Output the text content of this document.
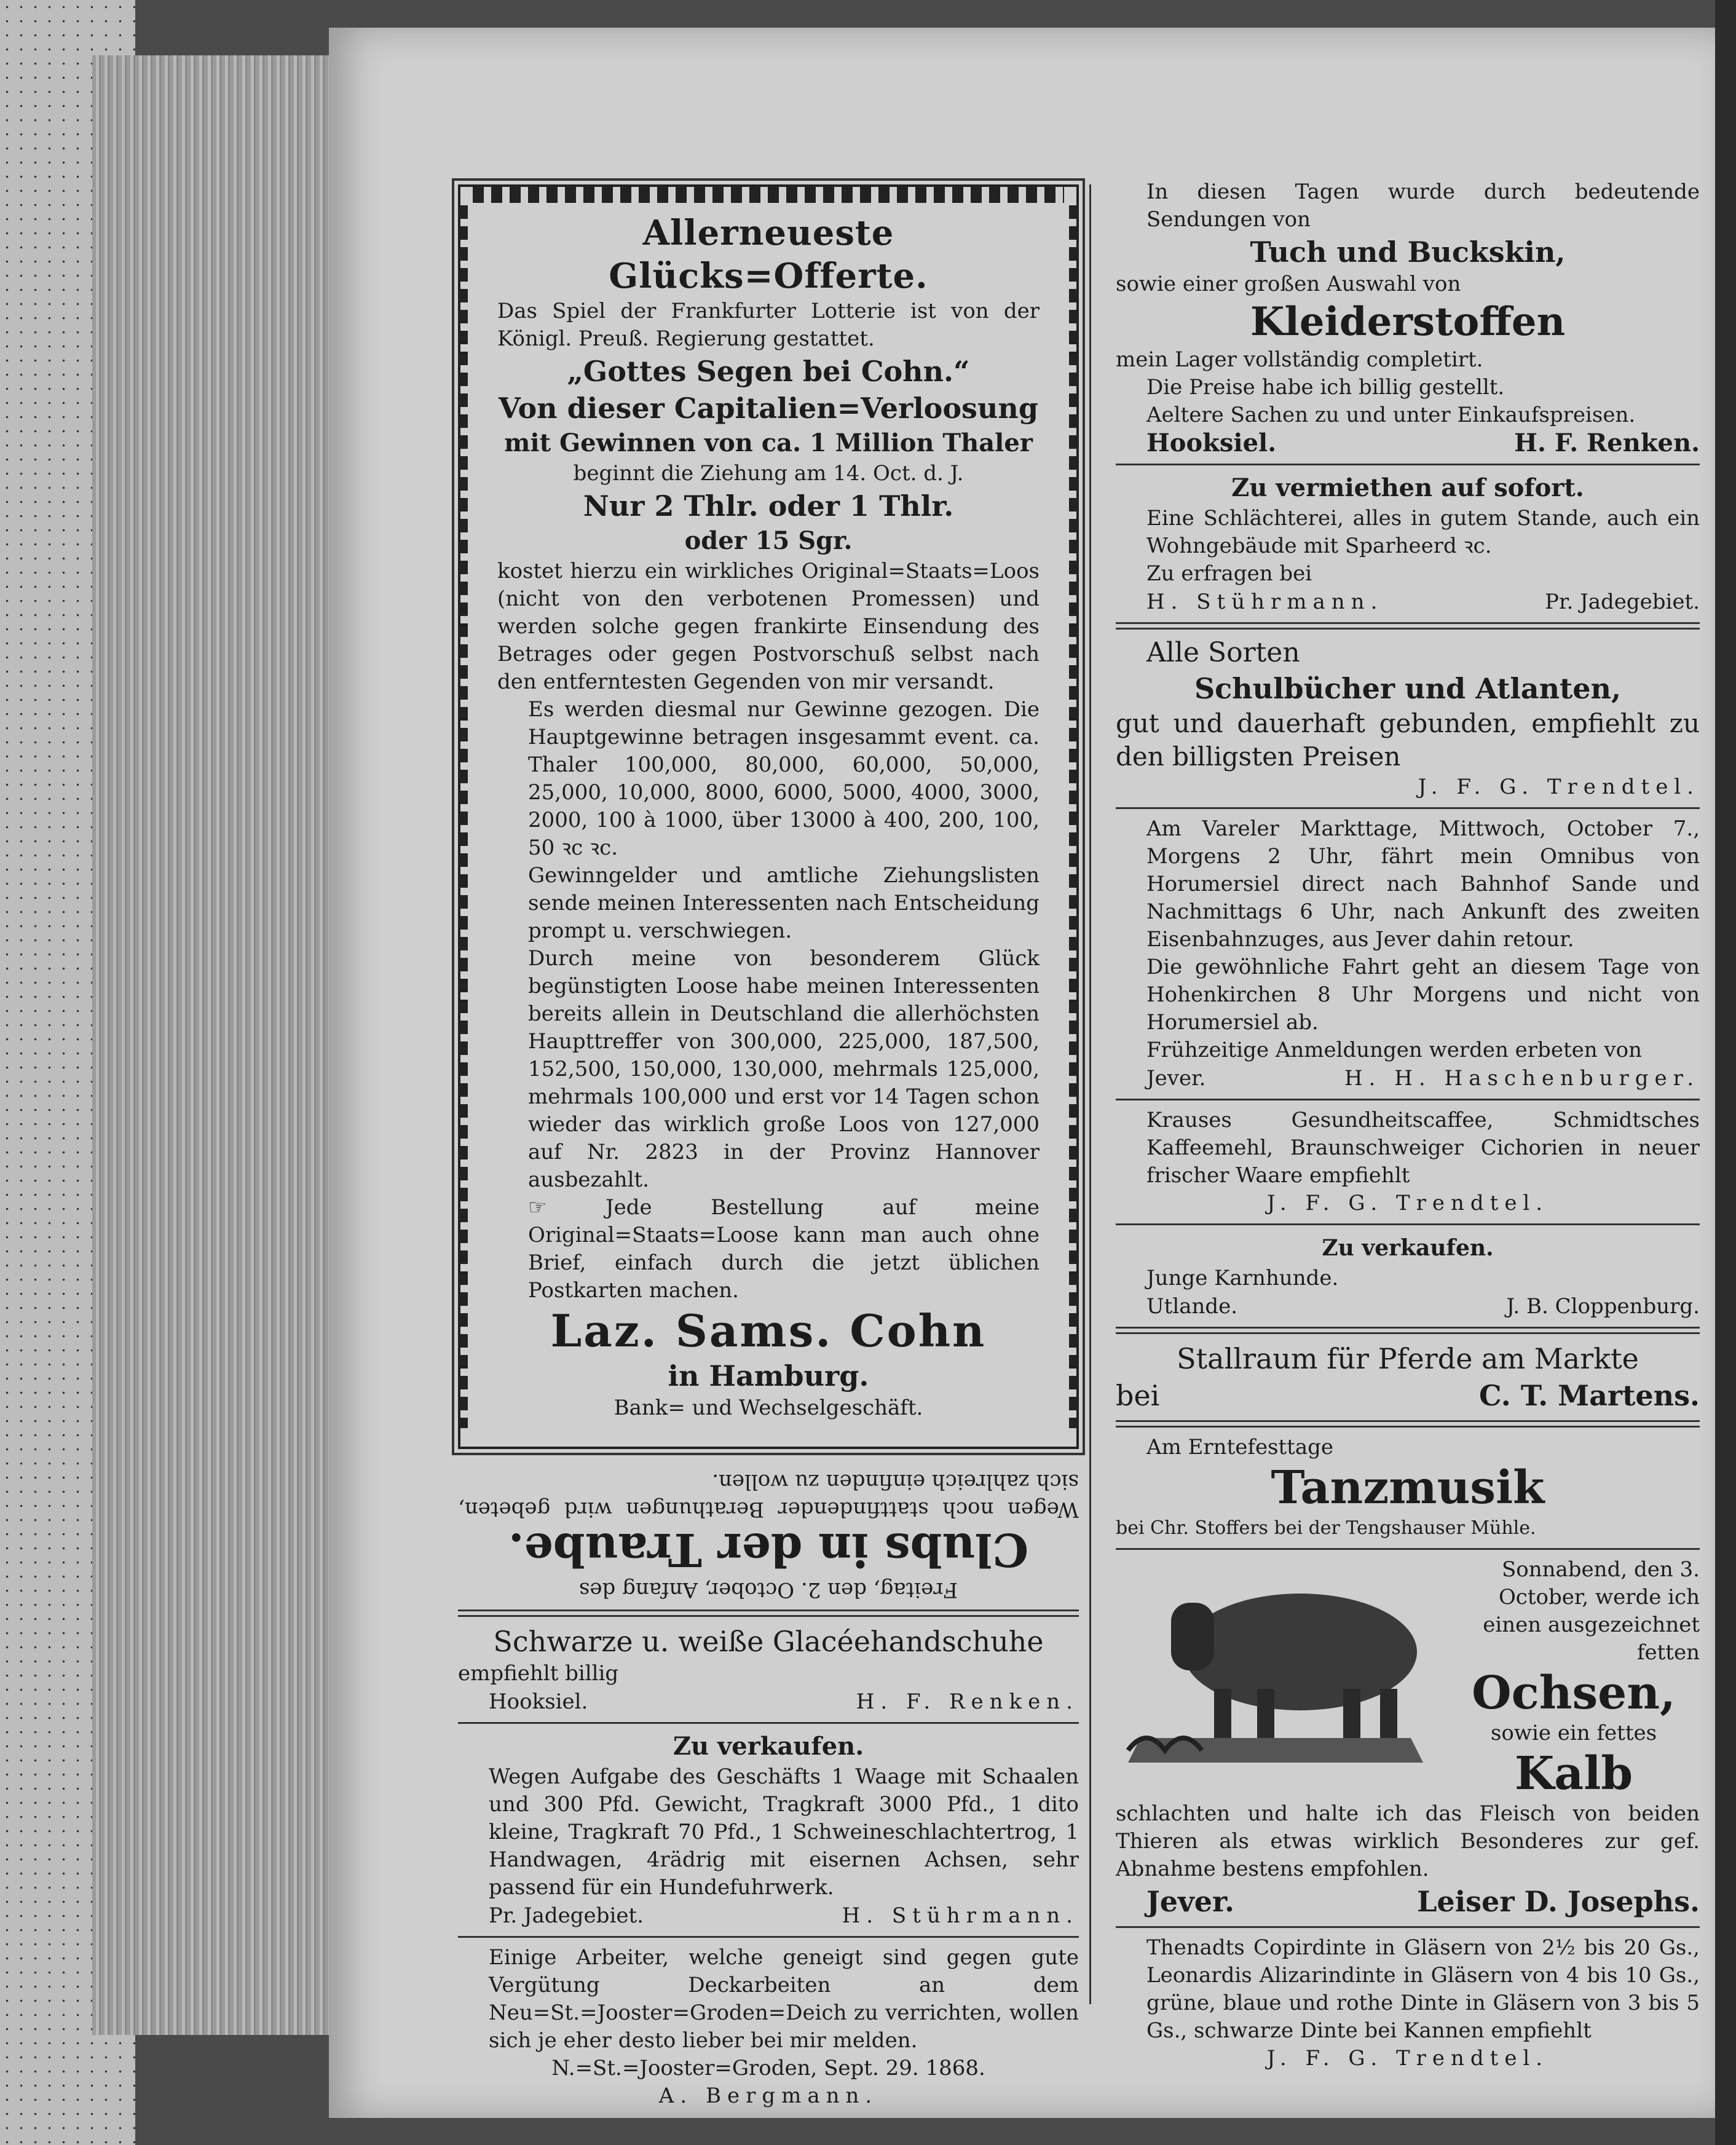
Allerneueste Glücks=Offerte.

Das Spiel der Frankfurter Lotterie ist von der Königl. Preuß. Regierung gestattet.

„Gottes Segen bei Cohn.“

Von dieser Capitalien=Verloosung

mit Gewinnen von ca. 1 Million Thaler

beginnt die Ziehung am 14. Oct. d. J.

Nur 2 Thlr. oder 1 Thlr.

oder 15 Sgr.

kostet hierzu ein wirkliches Original=Staats=Loos (nicht von den verbotenen Promessen) und werden solche gegen frankirte Einsendung des Betrages oder gegen Postvorschuß selbst nach den entferntesten Gegenden von mir versandt.

Es werden diesmal nur Gewinne gezogen. Die Hauptgewinne betragen insgesammt event. ca. Thaler 100,000, 80,000, 60,000, 50,000, 25,000, 10,000, 8000, 6000, 5000, 4000, 3000, 2000, 100 à 1000, über 13000 à 400, 200, 100, 50 ꝛc ꝛc.

Gewinngelder und amtliche Ziehungslisten sende meinen Interessenten nach Entscheidung prompt u. verschwiegen.

Durch meine von besonderem Glück begünstigten Loose habe meinen Interessenten bereits allein in Deutschland die allerhöchsten Haupttreffer von 300,000, 225,000, 187,500, 152,500, 150,000, 130,000, mehrmals 125,000, mehrmals 100,000 und erst vor 14 Tagen schon wieder das wirklich große Loos von 127,000 auf Nr. 2823 in der Provinz Hannover ausbezahlt.

☞ Jede Bestellung auf meine Original=Staats=Loose kann man auch ohne Brief, einfach durch die jetzt üblichen Postkarten machen.

Laz. Sams. Cohn

in Hamburg.

Bank= und Wechselgeschäft.

Freitag, den 2. October, Anfang des

Clubs in der Traube.

Wegen noch stattfindender Berathungen wird gebeten, sich zahlreich einfinden zu wollen.

Schwarze u. weiße Glacéehandschuhe

empfiehlt billig

Hooksiel.	H. F. Renken.

Zu verkaufen.

Wegen Aufgabe des Geschäfts 1 Waage mit Schaalen und 300 Pfd. Gewicht, Tragkraft 3000 Pfd., 1 dito kleine, Tragkraft 70 Pfd., 1 Schweineschlachtertrog, 1 Handwagen, 4rädrig mit eisernen Achsen, sehr passend für ein Hundefuhrwerk.

Pr. Jadegebiet.	H. Stührmann.

Einige Arbeiter, welche geneigt sind gegen gute Vergütung Deckarbeiten an dem Neu=St.=Jooster=Groden=Deich zu verrichten, wollen sich je eher desto lieber bei mir melden.

N.=St.=Jooster=Groden, Sept. 29. 1868.

A. Bergmann.

In diesen Tagen wurde durch bedeutende Sendungen von

Tuch und Buckskin,

sowie einer großen Auswahl von

Kleiderstoffen

mein Lager vollständig completirt.

Die Preise habe ich billig gestellt.

Aeltere Sachen zu und unter Einkaufspreisen.

Hooksiel.	H. F. Renken.

Zu vermiethen auf sofort.

Eine Schlächterei, alles in gutem Stande, auch ein Wohngebäude mit Sparheerd ꝛc.

Zu erfragen bei

H. Stührmann.	Pr. Jadegebiet.

Alle Sorten

Schulbücher und Atlanten,

gut und dauerhaft gebunden, empfiehlt zu den billigsten Preisen

J. F. G. Trendtel.

Am Vareler Markttage, Mittwoch, October 7., Morgens 2 Uhr, fährt mein Omnibus von Horumersiel direct nach Bahnhof Sande und Nachmittags 6 Uhr, nach Ankunft des zweiten Eisenbahnzuges, aus Jever dahin retour.

Die gewöhnliche Fahrt geht an diesem Tage von Hohenkirchen 8 Uhr Morgens und nicht von Horumersiel ab.

Frühzeitige Anmeldungen werden erbeten von

Jever.	H. H. Haschenburger.

Krauses Gesundheitscaffee, Schmidtsches Kaffeemehl, Braunschweiger Cichorien in neuer frischer Waare empfiehlt

J. F. G. Trendtel.

Zu verkaufen.

Junge Karnhunde.

Utlande.	J. B. Cloppenburg.

Stallraum für Pferde am Markte

bei	C. T. Martens.

Am Erntefesttage

Tanzmusik

bei Chr. Stoffers bei der Tengshauser Mühle.

Sonnabend, den 3. October, werde ich einen ausgezeichnet fetten

Ochsen,

sowie ein fettes

Kalb

schlachten und halte ich das Fleisch von beiden Thieren als etwas wirklich Besonderes zur gef. Abnahme bestens empfohlen.

Jever.	Leiser D. Josephs.

Thenadts Copirdinte in Gläsern von 2½ bis 20 Gs., Leonardis Alizarindinte in Gläsern von 4 bis 10 Gs., grüne, blaue und rothe Dinte in Gläsern von 3 bis 5 Gs., schwarze Dinte bei Kannen empfiehlt

J. F. G. Trendtel.
